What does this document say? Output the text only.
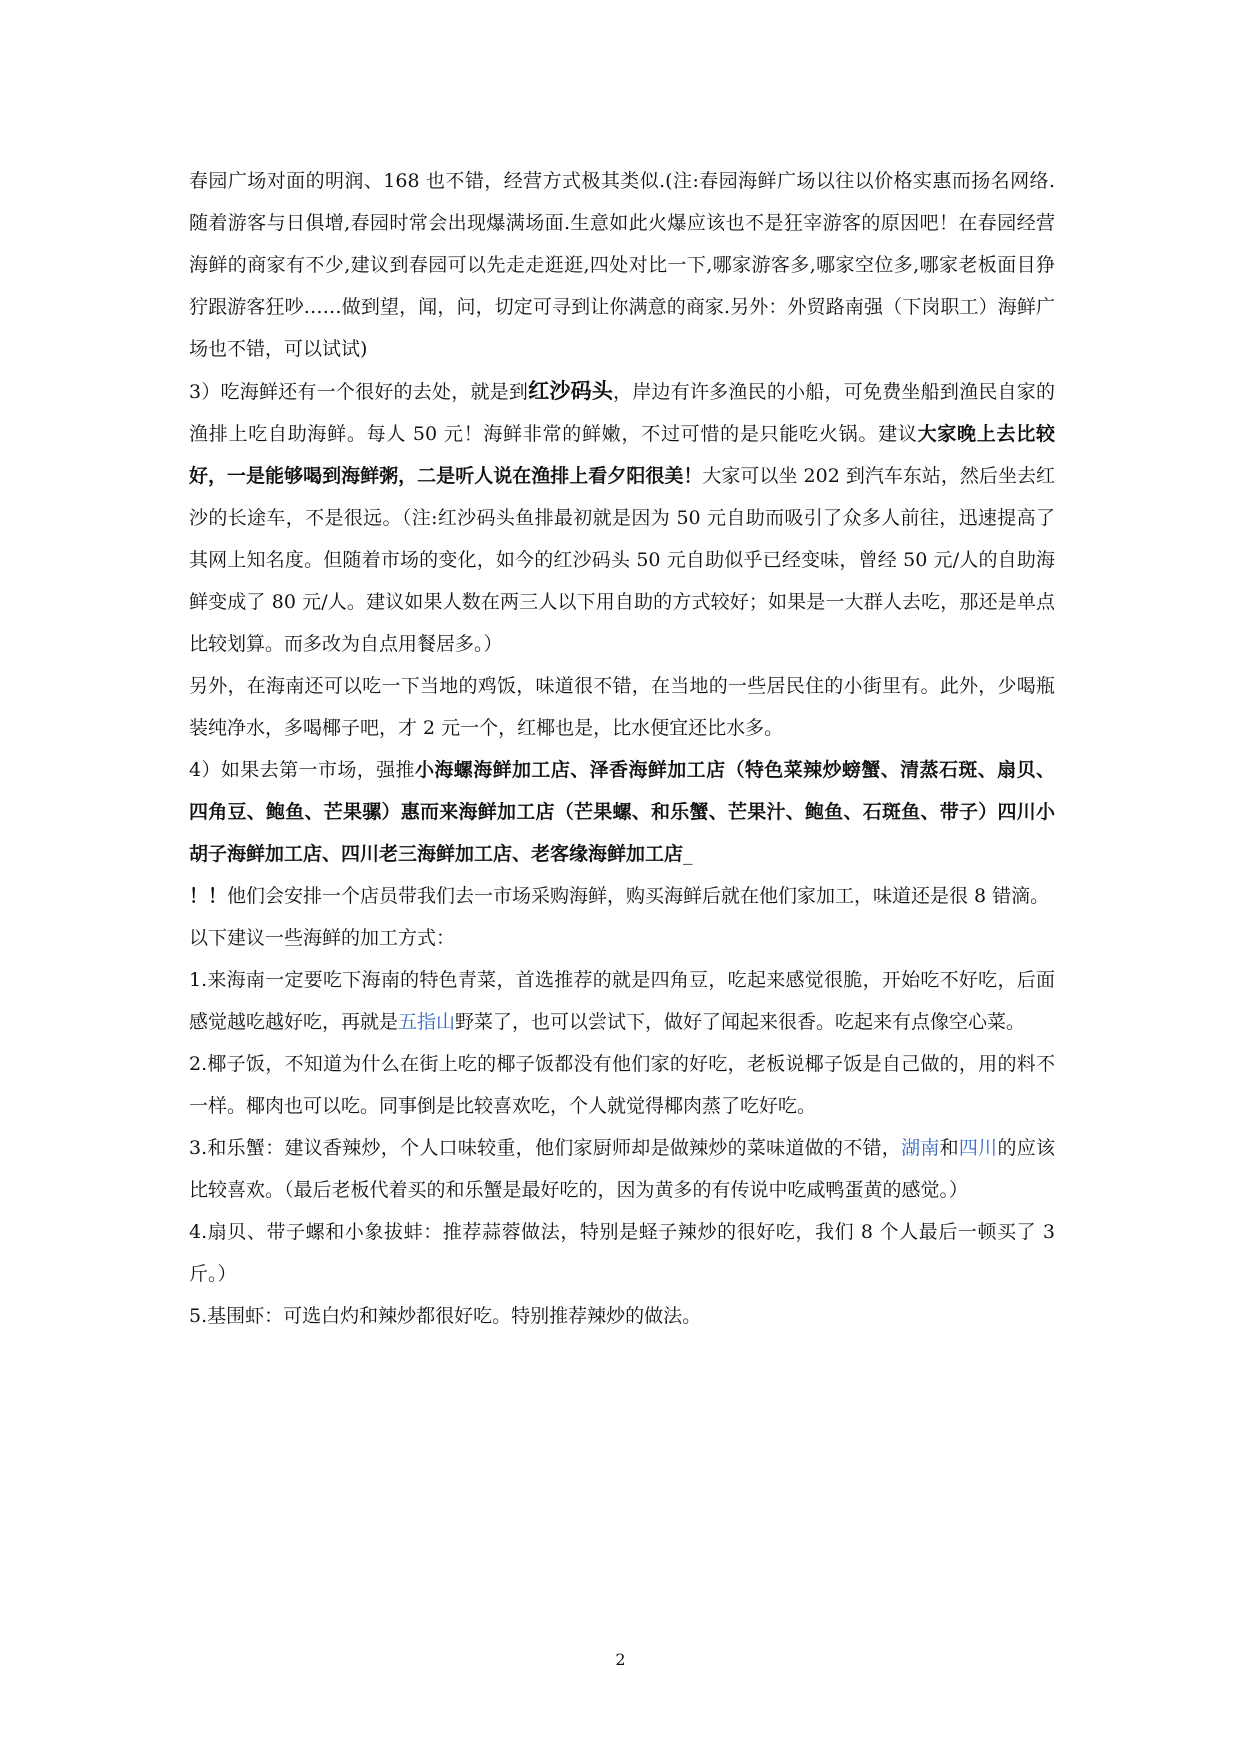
春园广场对面的明润、168 也不错，经营方式极其类似.(注:春园海鲜广场以往以价格实惠而扬名网络.随着游客与日俱增,春园时常会出现爆满场面.生意如此火爆应该也不是狂宰游客的原因吧！在春园经营海鲜的商家有不少,建议到春园可以先走走逛逛,四处对比一下,哪家游客多,哪家空位多,哪家老板面目狰狞跟游客狂吵……做到望，闻，问，切定可寻到让你满意的商家.另外：外贸路南强（下岗职工）海鲜广场也不错，可以试试)

3）吃海鲜还有一个很好的去处，就是到红沙码头，岸边有许多渔民的小船，可免费坐船到渔民自家的渔排上吃自助海鲜。每人 50 元！海鲜非常的鲜嫩，不过可惜的是只能吃火锅。建议大家晚上去比较好，一是能够喝到海鲜粥，二是听人说在渔排上看夕阳很美！大家可以坐 202 到汽车东站，然后坐去红沙的长途车，不是很远。（注:红沙码头鱼排最初就是因为 50 元自助而吸引了众多人前往，迅速提高了其网上知名度。但随着市场的变化，如今的红沙码头 50 元自助似乎已经变味，曾经 50 元/人的自助海鲜变成了 80 元/人。建议如果人数在两三人以下用自助的方式较好；如果是一大群人去吃，那还是单点比较划算。而多改为自点用餐居多。）

另外，在海南还可以吃一下当地的鸡饭，味道很不错，在当地的一些居民住的小街里有。此外，少喝瓶装纯净水，多喝椰子吧，才 2 元一个，红椰也是，比水便宜还比水多。

4）如果去第一市场，强推小海螺海鲜加工店、泽香海鲜加工店（特色菜辣炒螃蟹、清蒸石斑、扇贝、四角豆、鲍鱼、芒果骡）惠而来海鲜加工店（芒果螺、和乐蟹、芒果汁、鲍鱼、石斑鱼、带子）四川小胡子海鲜加工店、四川老三海鲜加工店、老客缘海鲜加工店_

！！他们会安排一个店员带我们去一市场采购海鲜，购买海鲜后就在他们家加工，味道还是很 8 错滴。

以下建议一些海鲜的加工方式：

1.来海南一定要吃下海南的特色青菜，首选推荐的就是四角豆，吃起来感觉很脆，开始吃不好吃，后面感觉越吃越好吃，再就是五指山野菜了，也可以尝试下，做好了闻起来很香。吃起来有点像空心菜。

2.椰子饭，不知道为什么在街上吃的椰子饭都没有他们家的好吃，老板说椰子饭是自己做的，用的料不一样。椰肉也可以吃。同事倒是比较喜欢吃，个人就觉得椰肉蒸了吃好吃。

3.和乐蟹：建议香辣炒，个人口味较重，他们家厨师却是做辣炒的菜味道做的不错，湖南和四川的应该比较喜欢。（最后老板代着买的和乐蟹是最好吃的，因为黄多的有传说中吃咸鸭蛋黄的感觉。）

4.扇贝、带子螺和小象拔蚌：推荐蒜蓉做法，特别是蛏子辣炒的很好吃，我们 8 个人最后一顿买了 3 斤。）

5.基围虾：可选白灼和辣炒都很好吃。特别推荐辣炒的做法。

2
